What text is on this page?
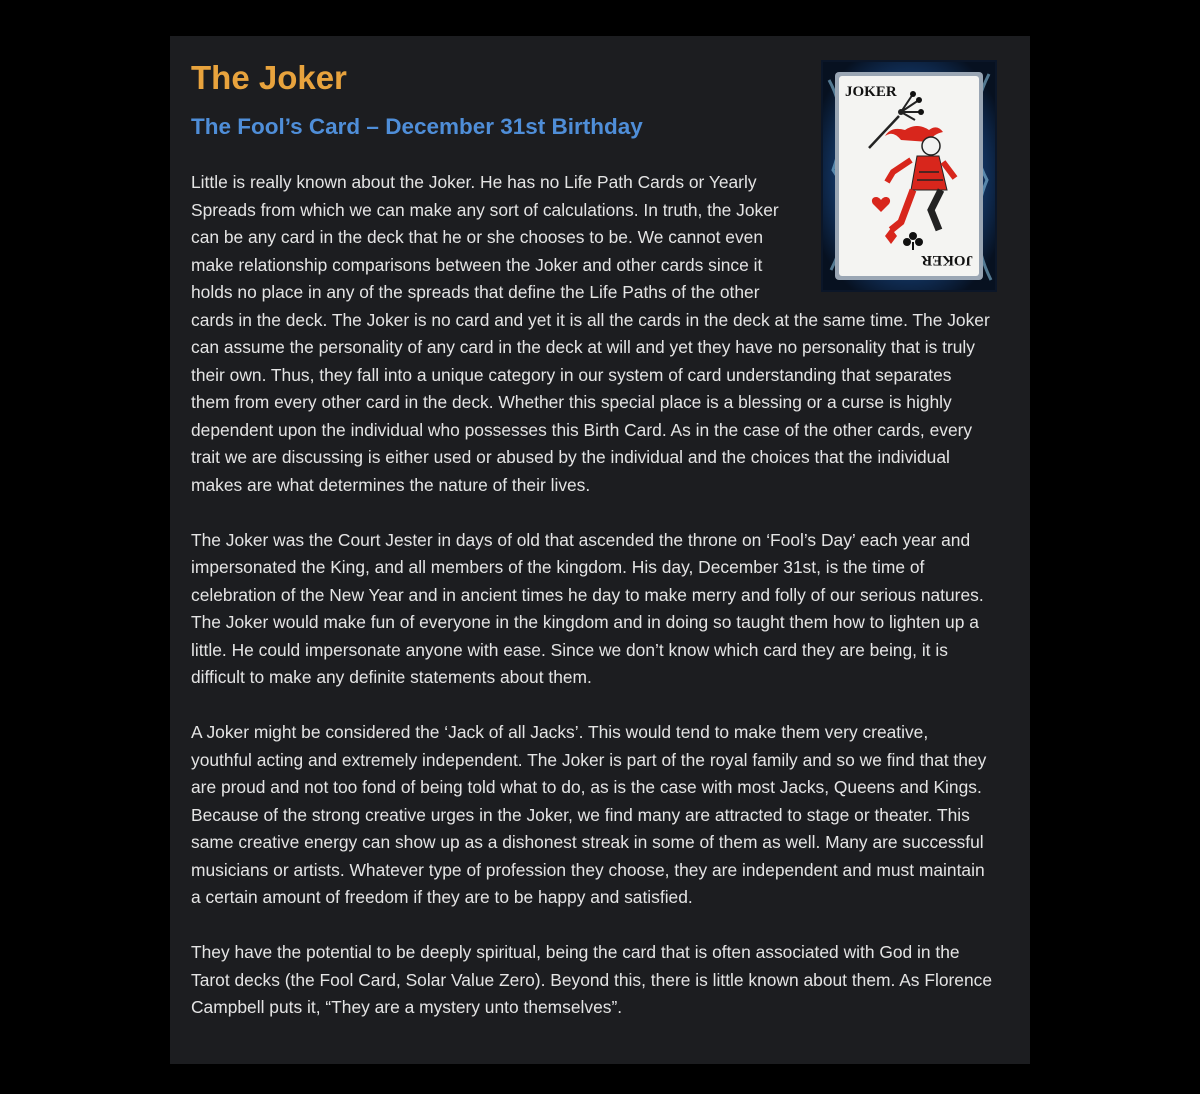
JOKER
JOKER
The Joker
The Fool’s Card – December 31st Birthday

Little is really known about the Joker. He has no Life Path Cards or Yearly Spreads from which we can make any sort of calculations. In truth, the Joker can be any card in the deck that he or she chooses to be. We cannot even make relationship comparisons between the Joker and other cards since it holds no place in any of the spreads that define the Life Paths of the other cards in the deck. The Joker is no card and yet it is all the cards in the deck at the same time. The Joker can assume the personality of any card in the deck at will and yet they have no personality that is truly their own. Thus, they fall into a unique category in our system of card understanding that separates them from every other card in the deck. Whether this special place is a blessing or a curse is highly dependent upon the individual who possesses this Birth Card. As in the case of the other cards, every trait we are discussing is either used or abused by the individual and the choices that the individual makes are what determines the nature of their lives.

The Joker was the Court Jester in days of old that ascended the throne on ‘Fool’s Day’ each year and impersonated the King, and all members of the kingdom. His day, December 31st, is the time of celebration of the New Year and in ancient times he day to make merry and folly of our serious natures. The Joker would make fun of everyone in the kingdom and in doing so taught them how to lighten up a little. He could impersonate anyone with ease. Since we don’t know which card they are being, it is difficult to make any definite statements about them.

A Joker might be considered the ‘Jack of all Jacks’. This would tend to make them very creative, youthful acting and extremely independent. The Joker is part of the royal family and so we find that they are proud and not too fond of being told what to do, as is the case with most Jacks, Queens and Kings. Because of the strong creative urges in the Joker, we find many are attracted to stage or theater. This same creative energy can show up as a dishonest streak in some of them as well. Many are successful musicians or artists. Whatever type of profession they choose, they are independent and must maintain a certain amount of freedom if they are to be happy and satisfied.

They have the potential to be deeply spiritual, being the card that is often associated with God in the Tarot decks (the Fool Card, Solar Value Zero). Beyond this, there is little known about them. As Florence Campbell puts it, “They are a mystery unto themselves”.
